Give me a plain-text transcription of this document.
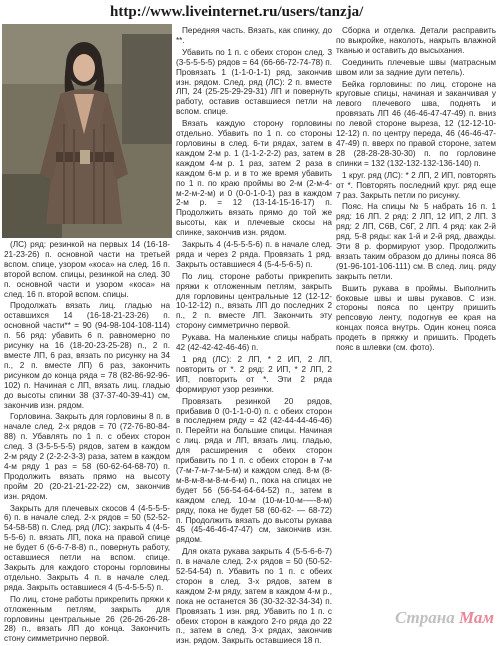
http://www.liveinternet.ru/users/tanzja/

(ЛС) ряд: резинкой на первых 14 (16-18-21-23-26) п. основной части на третьей вспом. спице, узором «коса» на след. 16 п. второй вспом. спицы, резинкой на след. 30 п. основной части и узором «коса» на след. 16 п. второй вспом. спицы.

Продолжать вязать лиц. гладью на оставшихся 14 (16-18-21-23-26) п. основной части** = 90 (94-98-104-108-114) п. 56 ряд: убавить 6 п. равномерно по рисунку на 16 (18-20-23-25-28) п., 2 п. вместе ЛП, 6 раз, вязать по рисунку на 34 п., 2 п. вместе ЛП) 6 раз, закончить рисунком до конца ряда = 78 (82-86-92-96-102) п. Начиная с ЛП, вязать лиц. гладью до высоты спинки 38 (37-37-40-39-41) см, закончив изн. рядом.

Горловина. Закрыть для горловины 8 п. в начале след. 2-х рядов = 70 (72-76-80-84-88) п. Убавлять по 1 п. с обеих сторон след. 3 (3-5-5-5-5) рядов, затем в каждом 2-м ряду 2 (2-2-2-3-3) раза, затем в каждом 4-м ряду 1 раз = 58 (60-62-64-68-70) п. Продолжить вязать прямо на высоту пройм 20 (20-21-21-22-22) см, закончив изн. рядом.

Закрыть для плечевых скосов 4 (4-5-5-5-6) п. в начале след. 2-х рядов = 50 (52-52-54-58-58) п. След. ряд (ЛС): закрыть 4 (4-5-5-5-6) п. вязать ЛП, пока на правой спице не будет 6 (6-6-7-8-8) п., повернуть работу, оставшиеся петли на вспом. спице. Закрыть для каждого стороны горловины отдельно. Закрыть 4 п. в начале след. ряда. Закрыть оставшиеся 4 (5-4-5-5-5) п.

По лиц. стоне работы прикрепить пряжи к отложенным петлям, закрыть для горловины центральные 26 (26-26-26-28-28) п., вязать ЛП до конца. Закончить стону симметрично первой.

Передняя часть. Вязать, как спинку, до **.

Убавить по 1 п. с обеих сторон след. 3 (3-5-5-5-5) рядов = 64 (66-66-72-74-78) п. Провязать 1 (1-1-0-1-1) ряд, закончив изн. рядом. След. ряд (ЛС): 2 п. вместе ЛП, 24 (25-25-29-29-31) ЛП и повернуть работу, оставив оставшиеся петли на вспом. спице.

Вязать каждую сторону горловины отдельно. Убавить по 1 п. со стороны горловины в след. 6-ти рядах, затем в каждом 2-м р. 1 (1-1-2-2-2) раз, затем в каждом 4-м р. 1 раз, затем 2 раза в каждом 6-м р. и в то же время убавить по 1 п. по краю проймы во 2-м (2-м-4-м-2-м-2-м) и 0 (0-0-1-0-1) раз в каждом 2-м р. = 12 (13-14-15-16-17) п. Продолжить вязать прямо до той же высоты, как и плечевые скосы на спинке, закончив изн. рядом.

Закрыть 4 (4-5-5-5-6) п. в начале след. ряда и через 2 ряда. Провязать 1 ряд. Закрыть оставшиеся 4 (5-4-5-6-5) п.

По лиц. стороне работы прикрепить пряжи к отложенным петлям, закрыть для горловины центральные 12 (12-12-10-12-12) п., вязать ЛП до последних 2 п., 2 п. вместе ЛП. Закончить эту сторону симметрично первой.

Рукава. На маленькие спицы набрать 42 (42-42-42-46-46) п.

1 ряд (ЛС): 2 ЛП, * 2 ИП, 2 ЛП, повторить от *. 2 ряд: 2 ИП, * 2 ЛП, 2 ИП, повторить от *. Эти 2 ряда формируют узор резинки.

Провязать резинкой 20 рядов, прибавив 0 (0-1-1-0-0) п. с обеих сторон в последнем ряду = 42 (42-44-44-46-46) п. Перейти на большие спицы. Начиная с лиц. ряда и ЛП, вязать лиц. гладью, для расширения с обеих сторон прибавить по 1 п. с обеих сторон в 7-м (7-м-7-м-7-м-5-м) и каждом след. 8-м (8-м-8-м-8-м-8-м-6-м) п., пока на спицах не будет 56 (56-54-64-64-52) п., затем в каждом след. 10-м (10-м-10-м-—-8-м) ряду, пока не будет 58 (60-62- — 68-72) п. Продолжить вязать до высоты рукава 45 (45-46-46-47-47) см, закончив изн. рядом.

Для оката рукава закрыть 4 (5-5-6-6-7) п. в начале след. 2-х рядов = 50 (50-52-52-54-54) п. Убавить по 1 п. с обеих сторон в след. 3-х рядов, затем в каждом 2-м ряду, затем в каждом 4-м р., пока не останется 36 (30-32-32-34-34) п. Провязать 1 изн. ряд. Убавить по 1 п. с обеих сторон в каждого 2-го ряда до 22 п., затем в след. 3-х рядах, закончив изн. рядом. Закрыть оставшиеся 18 п.

Сборка и отделка. Детали расправить по выкройке, наколоть, накрыть влажной тканью и оставить до высыхания.

Соединить плечевые швы (матрасным швом или за задние дуги петель).

Бейка горловины: по лиц. стороне на круговые спицы, начиная и заканчивая у левого плечевого шва, поднять и провязать ЛП 46 (46-46-47-47-49) п. вниз по левой стороне выреза, 12 (12-12-10-12-12) п. по центру переда, 46 (46-46-47-47-49) п. вверх по правой стороне, затем 28 (28-28-28-30-30) п. по горловине спинки = 132 (132-132-132-136-140) п.

1 круг. ряд (ЛС): * 2 ЛП, 2 ИП, повторять от *. Повторять последний круг. ряд еще 7 раз. Закрыть петли по рисунку.

Пояс. На спицы № 5 набрать 16 п. 1 ряд: 16 ЛП. 2 ряд: 2 ЛП, 12 ИП, 2 ЛП. 3 ряд: 2 ЛП, С6В, С6Г, 2 ЛП. 4 ряд: как 2-й ряд. 5-8 ряды: как 1-й и 2-й ряд, дважды. Эти 8 р. формируют узор. Продолжить вязать таким образом до длины пояса 86 (91-96-101-106-111) см. В след. лиц. ряду закрыть петли.

Вшить рукава в проймы. Выполнить боковые швы и швы рукавов. С изн. стороны пояса по центру пришить репсовую ленту, подогнув ее края на концах пояса внутрь. Один конец пояса продеть в пряжку и пришить. Продеть пояс в шлевки (см. фото).

Страна Мам
